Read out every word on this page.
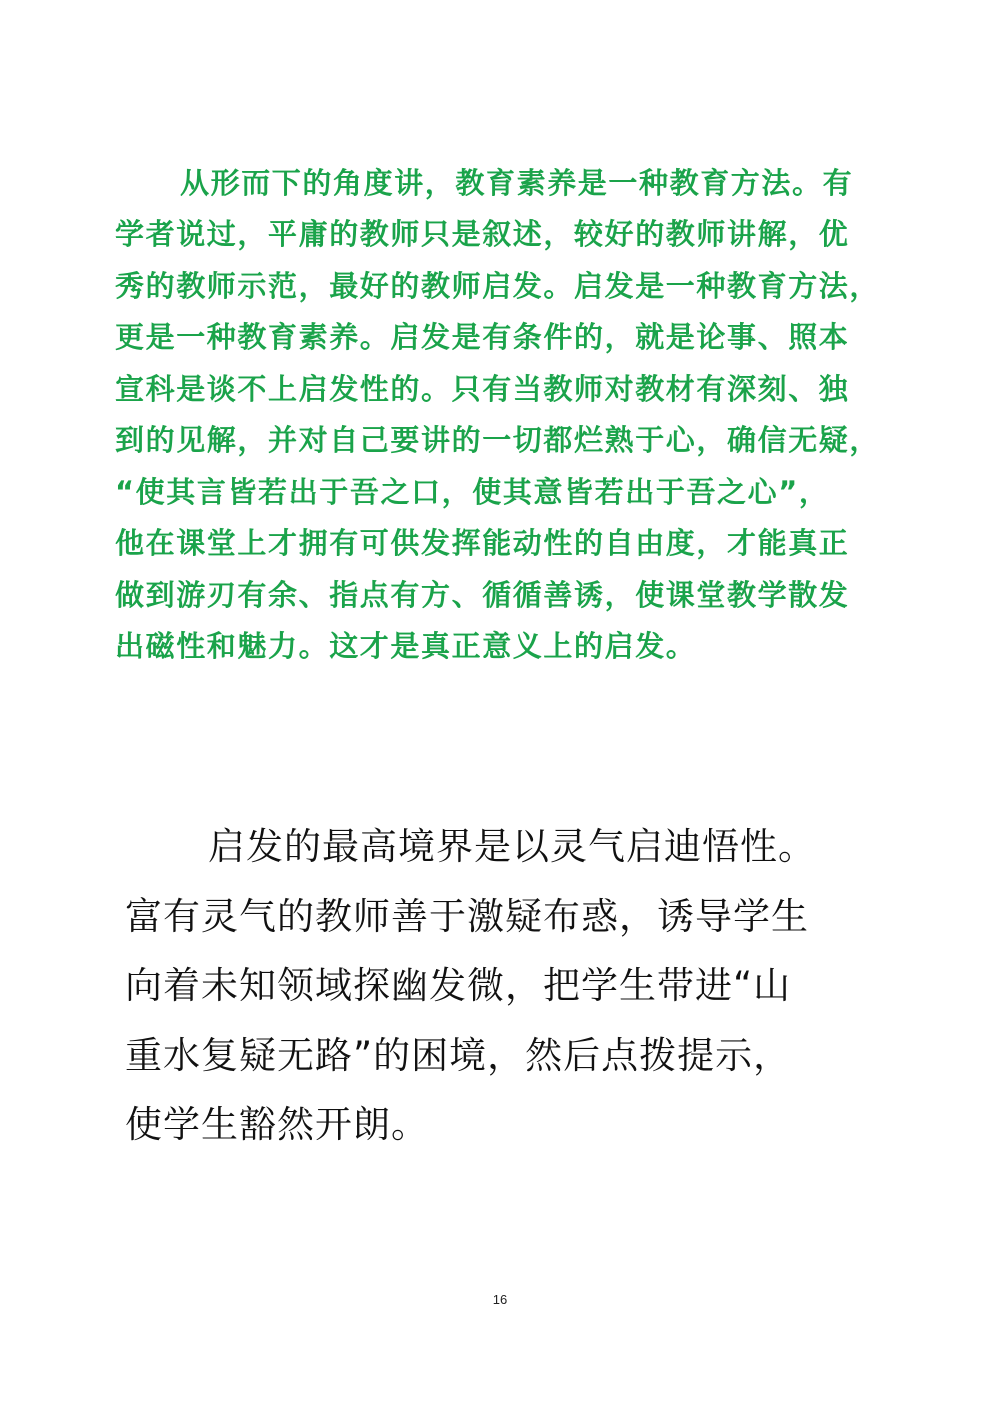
从形而下的角度讲，教育素养是一种教育方法。有
学者说过，平庸的教师只是叙述，较好的教师讲解，优
秀的教师示范，最好的教师启发。启发是一种教育方法，
更是一种教育素养。启发是有条件的，就是论事、照本
宣科是谈不上启发性的。只有当教师对教材有深刻、独
到的见解，并对自己要讲的一切都烂熟于心，确信无疑，
“使其言皆若出于吾之口，使其意皆若出于吾之心”，
他在课堂上才拥有可供发挥能动性的自由度，才能真正
做到游刃有余、指点有方、循循善诱，使课堂教学散发
出磁性和魅力。这才是真正意义上的启发。
启发的最高境界是以灵气启迪悟性。
富有灵气的教师善于激疑布惑，诱导学生
向着未知领域探幽发微，把学生带进“山
重水复疑无路”的困境，然后点拨提示，
使学生豁然开朗。
16
